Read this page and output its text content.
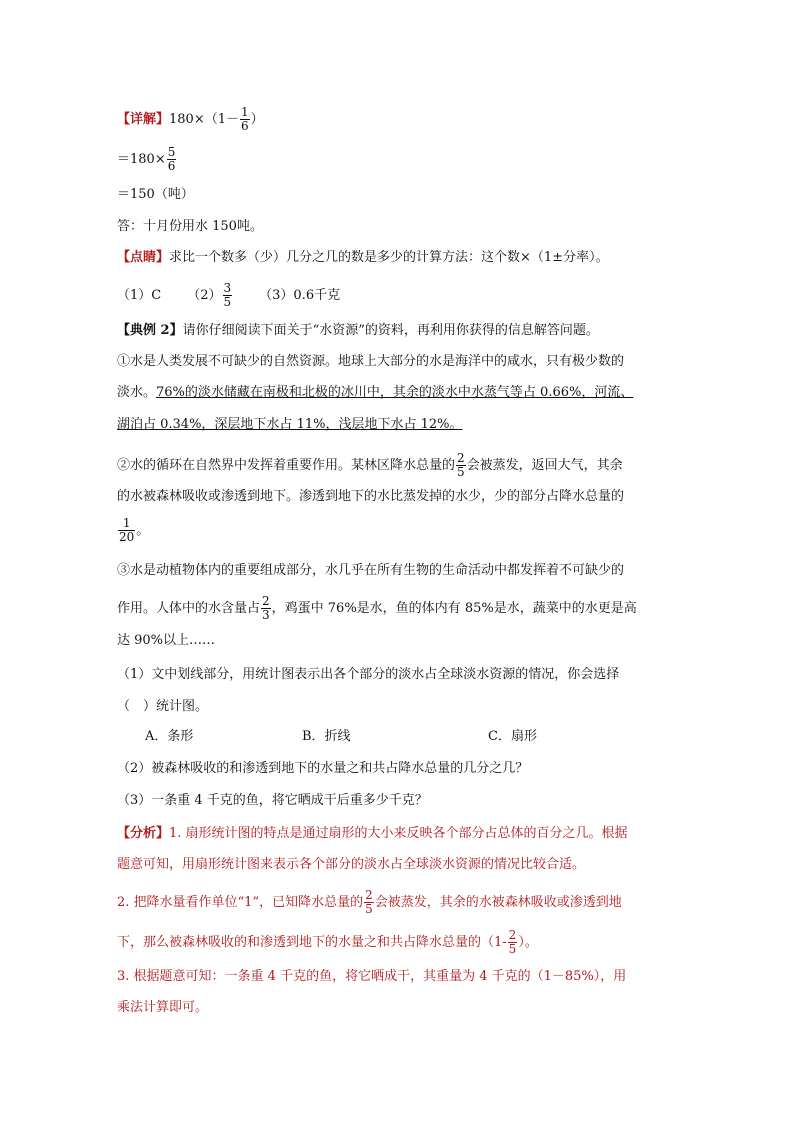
【详解】$180\times(1- \frac{1}{6}$ ）
$=180\times \frac{5}{6}$
＝150（吨）
答：十月份用水 150吨。
【点睛】求比一个数多（少）几分之几的数是多少的计算方法：这个数×（1±分率）。
（1）C $(2) \frac{3}{5} (3)0.6$千克
【典例 2】请你仔细阅读下面关于“水资源”的资料，再利用你获得的信息解答问题。
①水是人类发展不可缺少的自然资源。地球上大部分的水是海洋中的咸水，只有极少数的
淡水。76%的淡水储藏在南极和北极的冰川中，其余的淡水中水蒸气等占 0.66%，河流、
湖泊占 0.34%，深层地下水占 11%，浅层地下水占 12%。
②水的循环在自然界中发挥着重要作用。某林区降水总量的 $\frac{2}{5}$ 会被蒸发，返回大气，其余
的水被森林吸收或渗透到地下。渗透到地下的水比蒸发掉的水少，少的部分占降水总量的
$\frac{1}{20}$ 。
③水是动植物体内的重要组成部分，水几乎在所有生物的生命活动中都发挥着不可缺少的
作用。人体中的水含量占 $\frac{2}{3}$ ，鸡蛋中 76%是水，鱼的体内有 85%是水，蔬菜中的水更是高
达 90%以上……
（1）文中划线部分，用统计图表示出各个部分的淡水占全球淡水资源的情况，你会选择
（　）统计图。
A．条形	B．折线	C．扇形
（2）被森林吸收的和渗透到地下的水量之和共占降水总量的几分之几？
（3）一条重 4 千克的鱼，将它晒成干后重多少千克？
【分析】1. 扇形统计图的特点是通过扇形的大小来反映各个部分占总体的百分之几。根据
题意可知，用扇形统计图来表示各个部分的淡水占全球淡水资源的情况比较合适。
2. 把降水量看作单位“1”，已知降水总量的 $\frac{2}{5}$ 会被蒸发，其余的水被森林吸收或渗透到地
下，那么被森林吸收的和渗透到地下的水量之和共占降水总量的（$1- \frac{2}{5}$ ）。
3. 根据题意可知：一条重 4 千克的鱼，将它晒成干，其重量为 4 千克的（1－85%），用
乘法计算即可。
